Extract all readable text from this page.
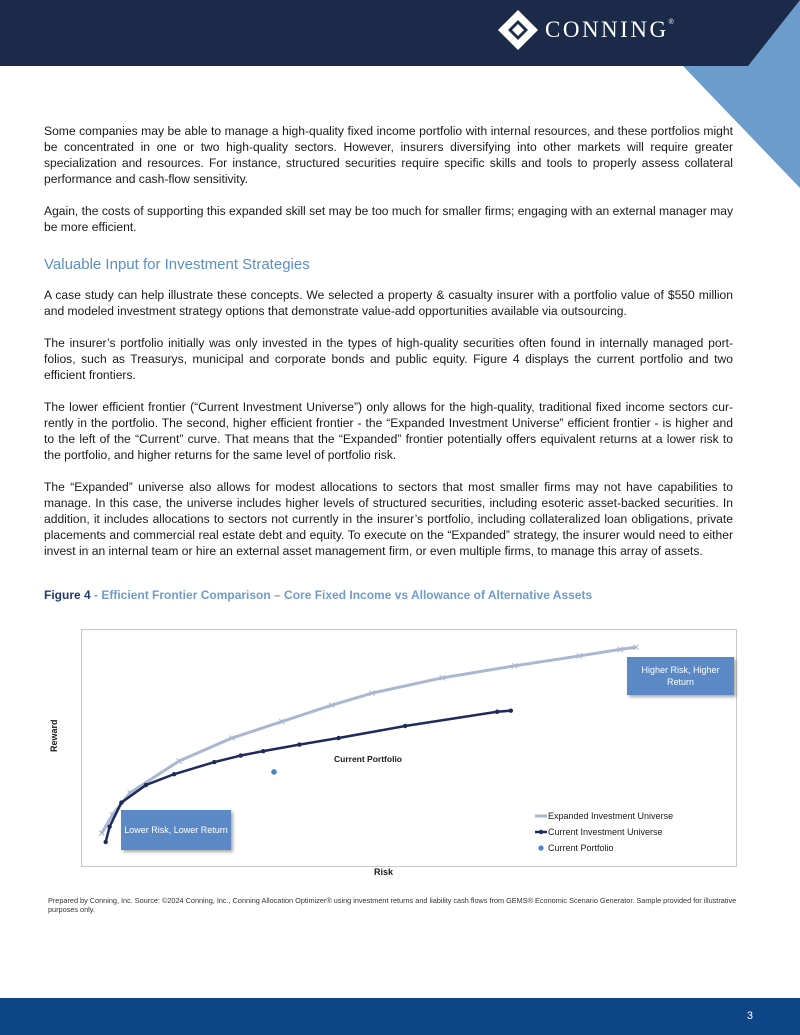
CONNING ®

Some companies may be able to manage a high-quality fixed income portfolio with internal resources, and these portfolios might be concentrated in one or two high-quality sectors. However, insurers diversifying into other markets will require greater specialization and resources. For instance, structured securities require specific skills and tools to properly assess collateral performance and cash-flow sensitivity.

Again, the costs of supporting this expanded skill set may be too much for smaller firms; engaging with an external manager may be more efficient.

Valuable Input for Investment Strategies

A case study can help illustrate these concepts. We selected a property & casualty insurer with a portfolio value of $550 million and modeled investment strategy options that demonstrate value-add opportunities available via outsourcing.

The insurer’s portfolio initially was only invested in the types of high-quality securities often found in internally managed portfolios, such as Treasurys, municipal and corporate bonds and public equity. Figure 4 displays the current portfolio and two efficient frontiers.

The lower efficient frontier (“Current Investment Universe”) only allows for the high-quality, traditional fixed income sectors currently in the portfolio. The second, higher efficient frontier - the “Expanded Investment Universe” efficient frontier - is higher and to the left of the “Current” curve. That means that the “Expanded” frontier potentially offers equivalent returns at a lower risk to the portfolio, and higher returns for the same level of portfolio risk.

The “Expanded” universe also allows for modest allocations to sectors that most smaller firms may not have capabilities to manage. In this case, the universe includes higher levels of structured securities, including esoteric asset-backed securities. In addition, it includes allocations to sectors not currently in the insurer’s portfolio, including collateralized loan obligations, private placements and commercial real estate debt and equity. To execute on the “Expanded” strategy, the insurer would need to either invest in an internal team or hire an external asset management firm, or even multiple firms, to manage this array of assets.

Figure 4 - Efficient Frontier Comparison – Core Fixed Income vs Allowance of Alternative Assets
Reward
Risk
Higher Risk, Higher Return
Lower Risk, Lower Return
Current Portfolio
Expanded Investment Universe
Current Investment Universe
Current Portfolio
Prepared by Conning, Inc. Source: ©2024 Conning, Inc., Conning Allocation Optimizer® using investment returns and liability cash flows from GEMS® Economic Scenario Generator. Sample provided for illustrative purposes only.
3
